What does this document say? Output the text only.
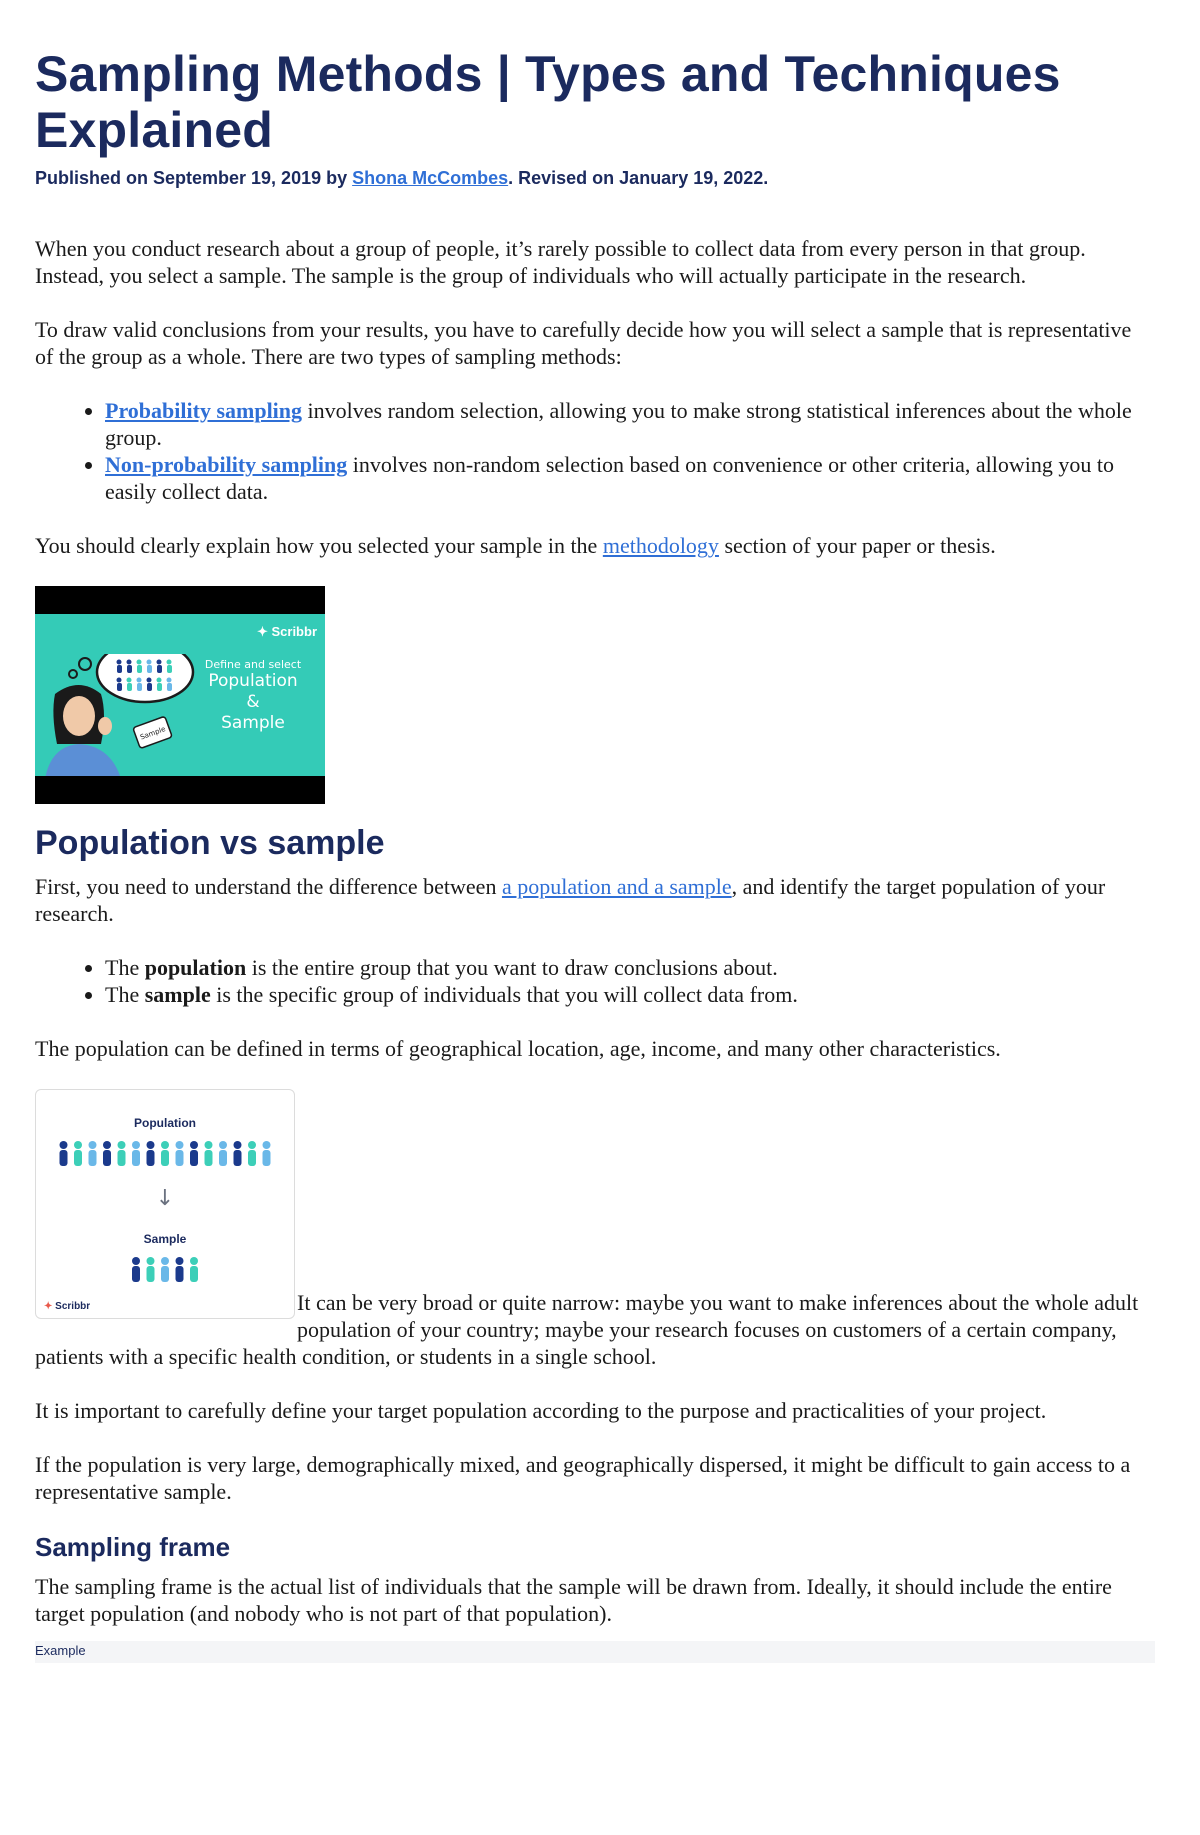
Sampling Methods | Types and Techniques Explained
Published on September 19, 2019 by Shona McCombes. Revised on January 19, 2022.

When you conduct research about a group of people, it’s rarely possible to collect data from every person in that group. Instead, you select a sample. The sample is the group of individuals who will actually participate in the research.

To draw valid conclusions from your results, you have to carefully decide how you will select a sample that is representative of the group as a whole. There are two types of sampling methods:

• Probability sampling involves random selection, allowing you to make strong statistical inferences about the whole group.
• Non-probability sampling involves non-random selection based on convenience or other criteria, allowing you to easily collect data.

You should clearly explain how you selected your sample in the methodology section of your paper or thesis.

✦ Scribbr
Sample
Define and select
Population
&
Sample
Population vs sample

First, you need to understand the difference between a population and a sample, and identify the target population of your research.

• The population is the entire group that you want to draw conclusions about.
• The sample is the specific group of individuals that you will collect data from.

The population can be defined in terms of geographical location, age, income, and many other characteristics.

Population
↓
Sample
✦ Scribbr	It can be very broad or quite narrow: maybe you want to make inferences about the whole adult population of your country; maybe your research focuses on customers of a certain company, patients with a specific health condition, or students in a single school.

It is important to carefully define your target population according to the purpose and practicalities of your project.

If the population is very large, demographically mixed, and geographically dispersed, it might be difficult to gain access to a representative sample.

Sampling frame

The sampling frame is the actual list of individuals that the sample will be drawn from. Ideally, it should include the entire target population (and nobody who is not part of that population).

Example
